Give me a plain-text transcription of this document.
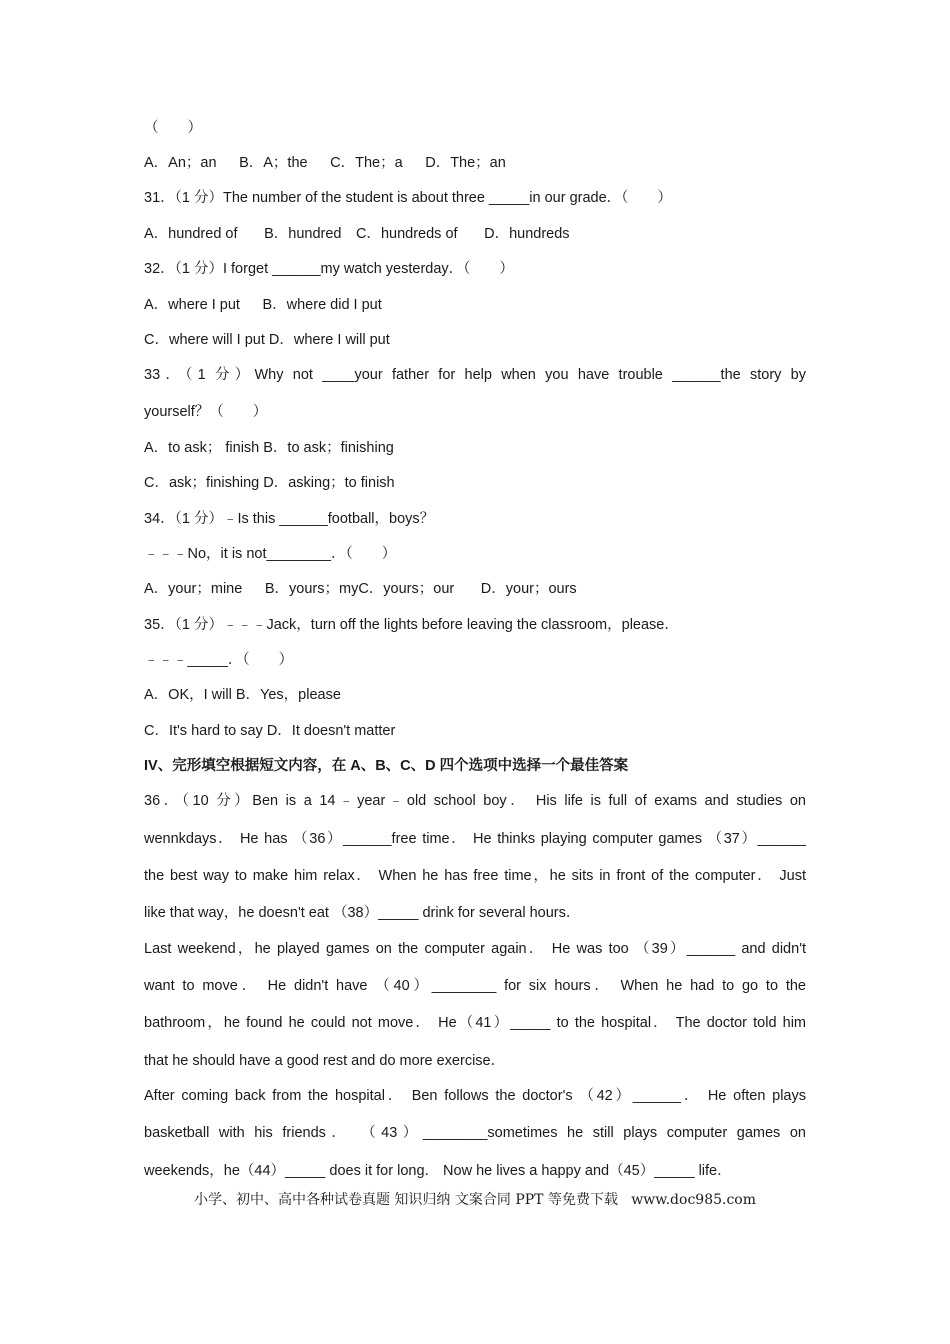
（　　）
A．An；an　  B．A；the　  C．The；a　  D．The；an
31．（1 分）The number of the student is about three _____in our grade．（　　）
A．hundred of　   B．hundred　C．hundreds of　   D．hundreds
32．（1 分）I forget ______my watch yesterday．（　　）
A．where I put　  B．where did I put
C．where will I put D．where I will put
33．（1 分）Why not ____your father for help when you have trouble ______the story by
yourself？（　　）
A．to ask； finish B．to ask；finishing
C．ask；finishing D．asking；to finish
34．（1 分）﹣Is this ______football，boys？
﹣﹣﹣No，it is not________．（　　）
A．your；mine　  B．yours；myC．yours；our　   D．your；ours
35．（1 分）﹣﹣﹣Jack，turn off the lights before leaving the classroom，please．
﹣﹣﹣_____．（　　）
A．OK，I will B．Yes，please
C．It's hard to say D．It doesn't matter
IV、完形填空根据短文内容，在 A、B、C、D 四个选项中选择一个最佳答案
36．（10 分）Ben is a 14﹣year﹣old school boy． His life is full of exams and studies on
wennkdays． He has （36）______free time． He thinks playing computer games （37）______
the best way to make him relax． When he has free time，he sits in front of the computer． Just
like that way，he doesn't eat （38）_____ drink for several hours．
Last weekend，he played games on the computer again． He was too （39）______ and didn't
want to move． He didn't have （40）________ for six hours． When he had to go to the
bathroom，he found he could not move． He（41）_____ to the hospital． The doctor told him
that he should have a good rest and do more exercise．
After coming back from the hospital． Ben follows the doctor's （42）______． He often plays
basketball with his friends． （43）________sometimes he still plays computer games on
weekends，he（44）_____ does it for long． Now he lives a happy and（45）_____ life．
小学、初中、高中各种试卷真题 知识归纳 文案合同 PPT 等免费下载   www.doc985.com
